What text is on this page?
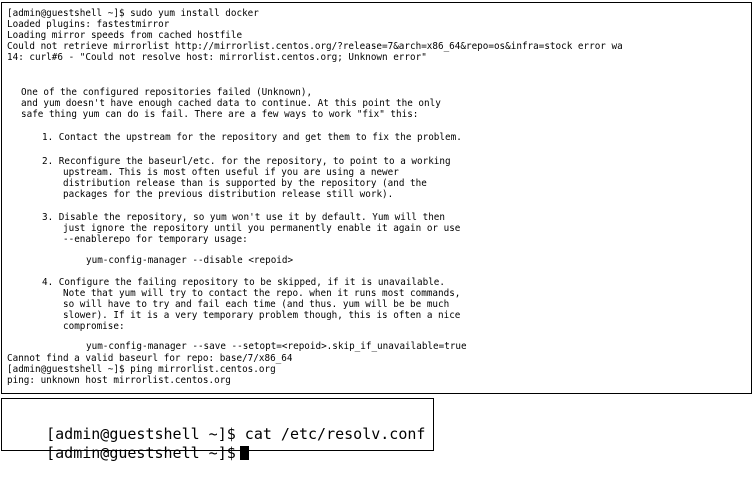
[admin@guestshell ~]$ sudo yum install docker
Loaded plugins: fastestmirror
Loading mirror speeds from cached hostfile
Could not retrieve mirrorlist http://mirrorlist.centos.org/?release=7&arch=x86_64&repo=os&infra=stock error wa
14: curl#6 - "Could not resolve host: mirrorlist.centos.org; Unknown error"
One of the configured repositories failed (Unknown),
and yum doesn't have enough cached data to continue. At this point the only
safe thing yum can do is fail. There are a few ways to work "fix" this:
1. Contact the upstream for the repository and get them to fix the problem.
2. Reconfigure the baseurl/etc. for the repository, to point to a working
upstream. This is most often useful if you are using a newer
distribution release than is supported by the repository (and the
packages for the previous distribution release still work).
3. Disable the repository, so yum won't use it by default. Yum will then
just ignore the repository until you permanently enable it again or use
--enablerepo for temporary usage:
yum-config-manager --disable <repoid>
4. Configure the failing repository to be skipped, if it is unavailable.
Note that yum will try to contact the repo. when it runs most commands,
so will have to try and fail each time (and thus. yum will be be much
slower). If it is a very temporary problem though, this is often a nice
compromise:
yum-config-manager --save --setopt=<repoid>.skip_if_unavailable=true
Cannot find a valid baseurl for repo: base/7/x86_64
[admin@guestshell ~]$ ping mirrorlist.centos.org
ping: unknown host mirrorlist.centos.org

[admin@guestshell ~]$ cat /etc/resolv.conf

[admin@guestshell ~]$
